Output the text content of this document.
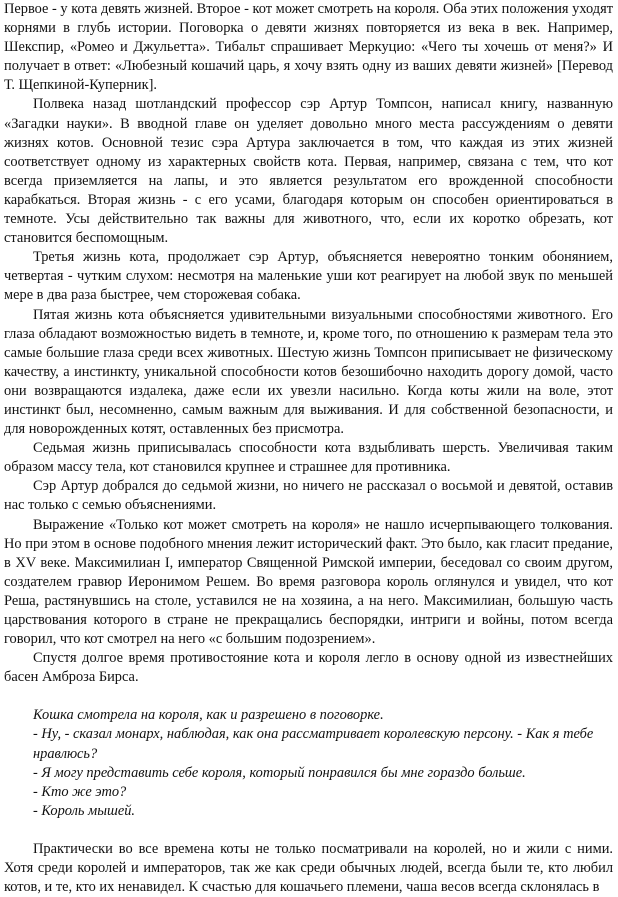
Первое - у кота девять жизней. Второе - кот может смотреть на короля. Оба этих положения уходят корнями в глубь истории. Поговорка о девяти жизнях повторяется из века в век. Например, Шекспир, «Ромео и Джульетта». Тибальт спрашивает Меркуцио: «Чего ты хочешь от меня?» И получает в ответ: «Любезный кошачий царь, я хочу взять одну из ваших девяти жизней» [Перевод Т. Щепкиной-Куперник].

Полвека назад шотландский профессор сэр Артур Томпсон, написал книгу, названную «Загадки науки». В вводной главе он уделяет довольно много места рассуждениям о девяти жизнях котов. Основной тезис сэра Артура заключается в том, что каждая из этих жизней соответствует одному из характерных свойств кота. Первая, например, связана с тем, что кот всегда приземляется на лапы, и это является результатом его врожденной способности карабкаться. Вторая жизнь - с его усами, благодаря которым он способен ориентироваться в темноте. Усы действительно так важны для животного, что, если их коротко обрезать, кот становится беспомощным.

Третья жизнь кота, продолжает сэр Артур, объясняется невероятно тонким обонянием, четвертая - чутким слухом: несмотря на маленькие уши кот реагирует на любой звук по меньшей мере в два раза быстрее, чем сторожевая собака.

Пятая жизнь кота объясняется удивительными визуальными способностями животного. Его глаза обладают возможностью видеть в темноте, и, кроме того, по отношению к размерам тела это самые большие глаза среди всех животных. Шестую жизнь Томпсон приписывает не физическому качеству, а инстинкту, уникальной способности котов безошибочно находить дорогу домой, часто они возвращаются издалека, даже если их увезли насильно. Когда коты жили на воле, этот инстинкт был, несомненно, самым важным для выживания. И для собственной безопасности, и для новорожденных котят, оставленных без присмотра.

Седьмая жизнь приписывалась способности кота вздыбливать шерсть. Увеличивая таким образом массу тела, кот становился крупнее и страшнее для противника.

Сэр Артур добрался до седьмой жизни, но ничего не рассказал о восьмой и девятой, оставив нас только с семью объяснениями.

Выражение «Только кот может смотреть на короля» не нашло исчерпывающего толкования. Но при этом в основе подобного мнения лежит исторический факт. Это было, как гласит предание, в XV веке. Максимилиан I, император Священной Римской империи, беседовал со своим другом, создателем гравюр Иеронимом Решем. Во время разговора король оглянулся и увидел, что кот Реша, растянувшись на столе, уставился не на хозяина, а на него. Максимилиан, большую часть царствования которого в стране не прекращались беспорядки, интриги и войны, потом всегда говорил, что кот смотрел на него «с большим подозрением».

Спустя долгое время противостояние кота и короля легло в основу одной из известнейших басен Амброза Бирса.

Кошка смотрела на короля, как и разрешено в поговорке.

- Ну, - сказал монарх, наблюдая, как она рассматривает королевскую персону. - Как я тебе нравлюсь?

- Я могу представить себе короля, который понравился бы мне гораздо больше.

- Кто же это?

- Король мышей.

Практически во все времена коты не только посматривали на королей, но и жили с ними. Хотя среди королей и императоров, так же как среди обычных людей, всегда были те, кто любил котов, и те, кто их ненавидел. К счастью для кошачьего племени, чаша весов всегда склонялась в
